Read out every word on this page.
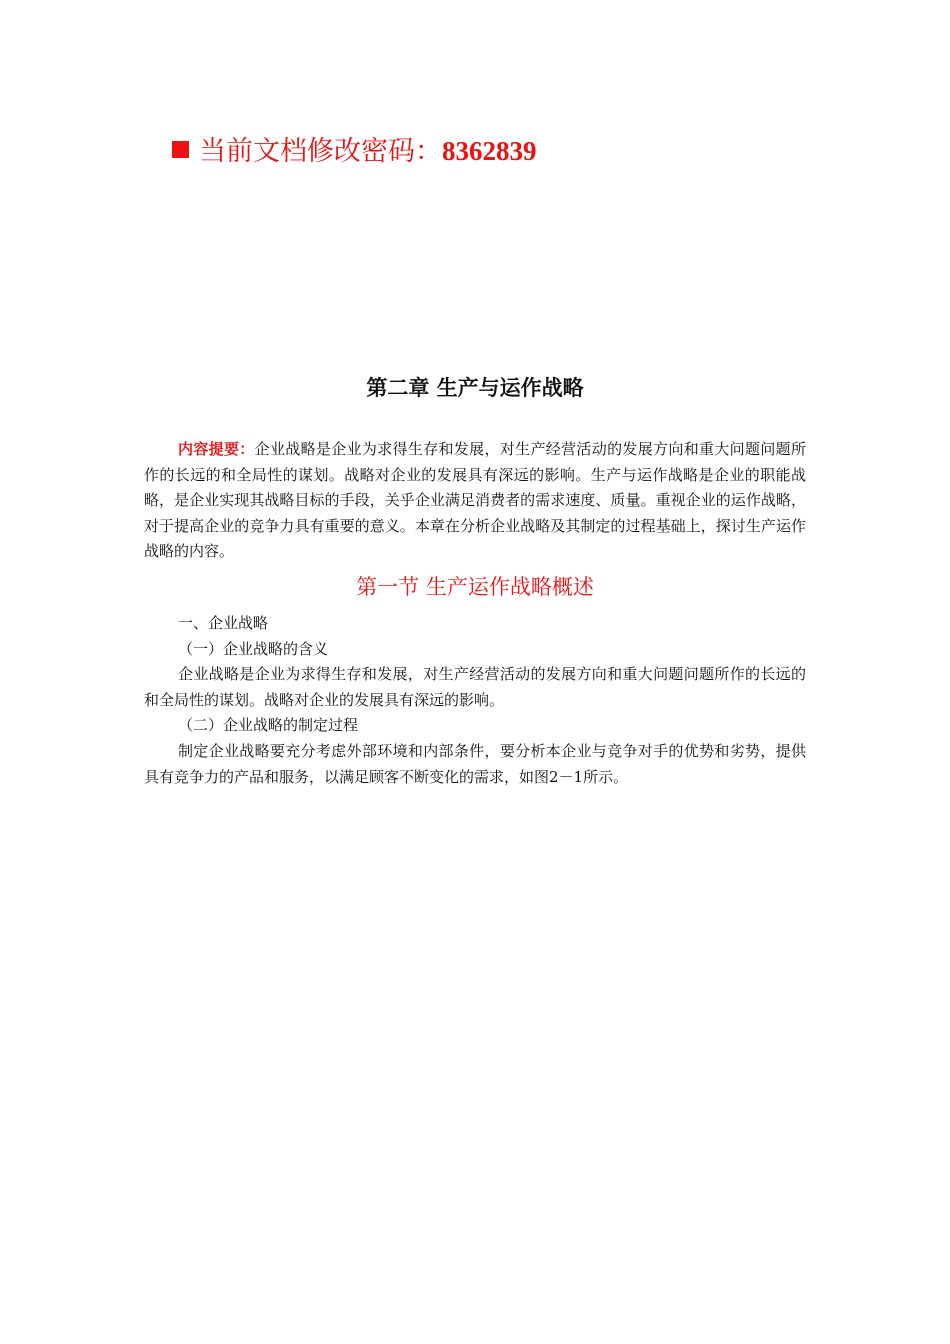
当前文档修改密码：8362839
第二章 生产与运作战略
内容提要：企业战略是企业为求得生存和发展，对生产经营活动的发展方向和重大问题问题所作的长远的和全局性的谋划。战略对企业的发展具有深远的影响。生产与运作战略是企业的职能战略，是企业实现其战略目标的手段，关乎企业满足消费者的需求速度、质量。重视企业的运作战略，对于提高企业的竞争力具有重要的意义。本章在分析企业战略及其制定的过程基础上，探讨生产运作战略的内容。
第一节 生产运作战略概述

一、企业战略

（一）企业战略的含义

企业战略是企业为求得生存和发展，对生产经营活动的发展方向和重大问题问题所作的长远的和全局性的谋划。战略对企业的发展具有深远的影响。

（二）企业战略的制定过程

制定企业战略要充分考虑外部环境和内部条件，要分析本企业与竞争对手的优势和劣势，提供具有竞争力的产品和服务，以满足顾客不断变化的需求，如图2－1所示。
